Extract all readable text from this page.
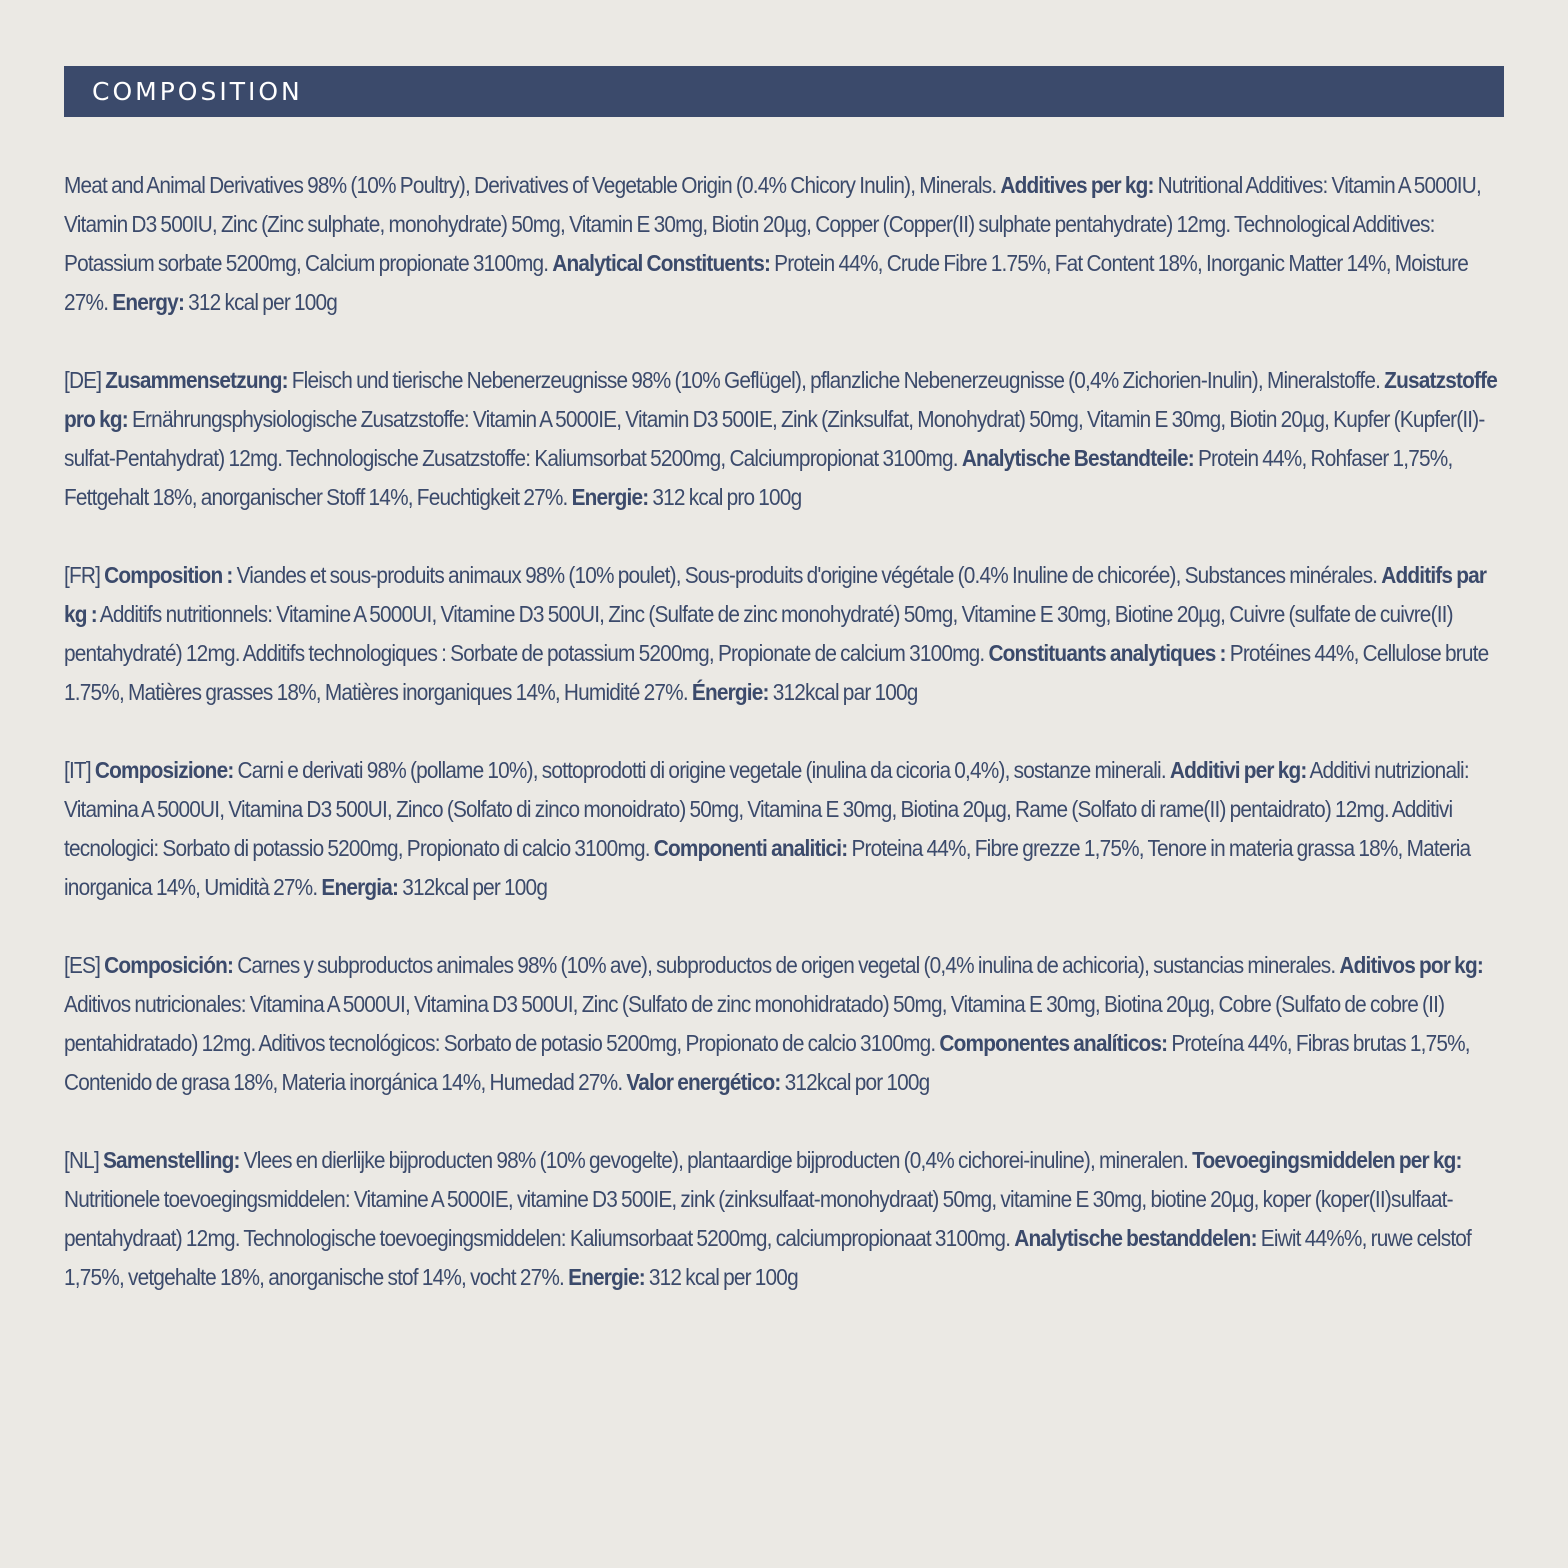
COMPOSITION

Meat and Animal Derivatives 98% (10% Poultry), Derivatives of Vegetable Origin (0.4% Chicory Inulin), Minerals. Additives per kg: Nutritional Additives: Vitamin A 5000IU, Vitamin D3 500IU, Zinc (Zinc sulphate, monohydrate) 50mg, Vitamin E 30mg, Biotin 20µg, Copper (Copper(II) sulphate pentahydrate) 12mg. Technological Additives: Potassium sorbate 5200mg, Calcium propionate 3100mg. Analytical Constituents: Protein 44%, Crude Fibre 1.75%, Fat Content 18%, Inorganic Matter 14%, Moisture 27%. Energy: 312 kcal per 100g

[DE] Zusammensetzung: Fleisch und tierische Nebenerzeugnisse 98% (10% Geflügel), pflanzliche Nebenerzeugnisse (0,4% Zichorien-Inulin), Mineralstoffe. Zusatzstoffe pro kg: Ernährungsphysiologische Zusatzstoffe: Vitamin A 5000IE, Vitamin D3 500IE, Zink (Zinksulfat, Monohydrat) 50mg, Vitamin E 30mg, Biotin 20µg, Kupfer (Kupfer(II)-sulfat-Pentahydrat) 12mg. Technologische Zusatzstoffe: Kaliumsorbat 5200mg, Calciumpropionat 3100mg. Analytische Bestandteile: Protein 44%, Rohfaser 1,75%, Fettgehalt 18%, anorganischer Stoff 14%, Feuchtigkeit 27%. Energie: 312 kcal pro 100g

[FR] Composition : Viandes et sous-produits animaux 98% (10% poulet), Sous-produits d'origine végétale (0.4% Inuline de chicorée), Substances minérales. Additifs par kg : Additifs nutritionnels: Vitamine A 5000UI, Vitamine D3 500UI, Zinc (Sulfate de zinc monohydraté) 50mg, Vitamine E 30mg, Biotine 20µg, Cuivre (sulfate de cuivre(II) pentahydraté) 12mg. Additifs technologiques : Sorbate de potassium 5200mg, Propionate de calcium 3100mg. Constituants analytiques : Protéines 44%, Cellulose brute 1.75%, Matières grasses 18%, Matières inorganiques 14%, Humidité 27%. Énergie: 312kcal par 100g

[IT] Composizione: Carni e derivati 98% (pollame 10%), sottoprodotti di origine vegetale (inulina da cicoria 0,4%), sostanze minerali. Additivi per kg: Additivi nutrizionali: Vitamina A 5000UI, Vitamina D3 500UI, Zinco (Solfato di zinco monoidrato) 50mg, Vitamina E 30mg, Biotina 20µg, Rame (Solfato di rame(II) pentaidrato) 12mg. Additivi tecnologici: Sorbato di potassio 5200mg, Propionato di calcio 3100mg. Componenti analitici: Proteina 44%, Fibre grezze 1,75%, Tenore in materia grassa 18%, Materia inorganica 14%, Umidità 27%. Energia: 312kcal per 100g

[ES] Composición: Carnes y subproductos animales 98% (10% ave), subproductos de origen vegetal (0,4% inulina de achicoria), sustancias minerales. Aditivos por kg: Aditivos nutricionales: Vitamina A 5000UI, Vitamina D3 500UI, Zinc (Sulfato de zinc monohidratado) 50mg, Vitamina E 30mg, Biotina 20µg, Cobre (Sulfato de cobre (II) pentahidratado) 12mg. Aditivos tecnológicos: Sorbato de potasio 5200mg, Propionato de calcio 3100mg. Componentes analíticos: Proteína 44%, Fibras brutas 1,75%, Contenido de grasa 18%, Materia inorgánica 14%, Humedad 27%. Valor energético: 312kcal por 100g

[NL] Samenstelling: Vlees en dierlijke bijproducten 98% (10% gevogelte), plantaardige bijproducten (0,4% cichorei-inuline), mineralen. Toevoegingsmiddelen per kg: Nutritionele toevoegingsmiddelen: Vitamine A 5000IE, vitamine D3 500IE, zink (zinksulfaat-monohydraat) 50mg, vitamine E 30mg, biotine 20µg, koper (koper(II)sulfaat-pentahydraat) 12mg. Technologische toevoegingsmiddelen: Kaliumsorbaat 5200mg, calciumpropionaat 3100mg. Analytische bestanddelen: Eiwit 44%%, ruwe celstof 1,75%, vetgehalte 18%, anorganische stof 14%, vocht 27%. Energie: 312 kcal per 100g
